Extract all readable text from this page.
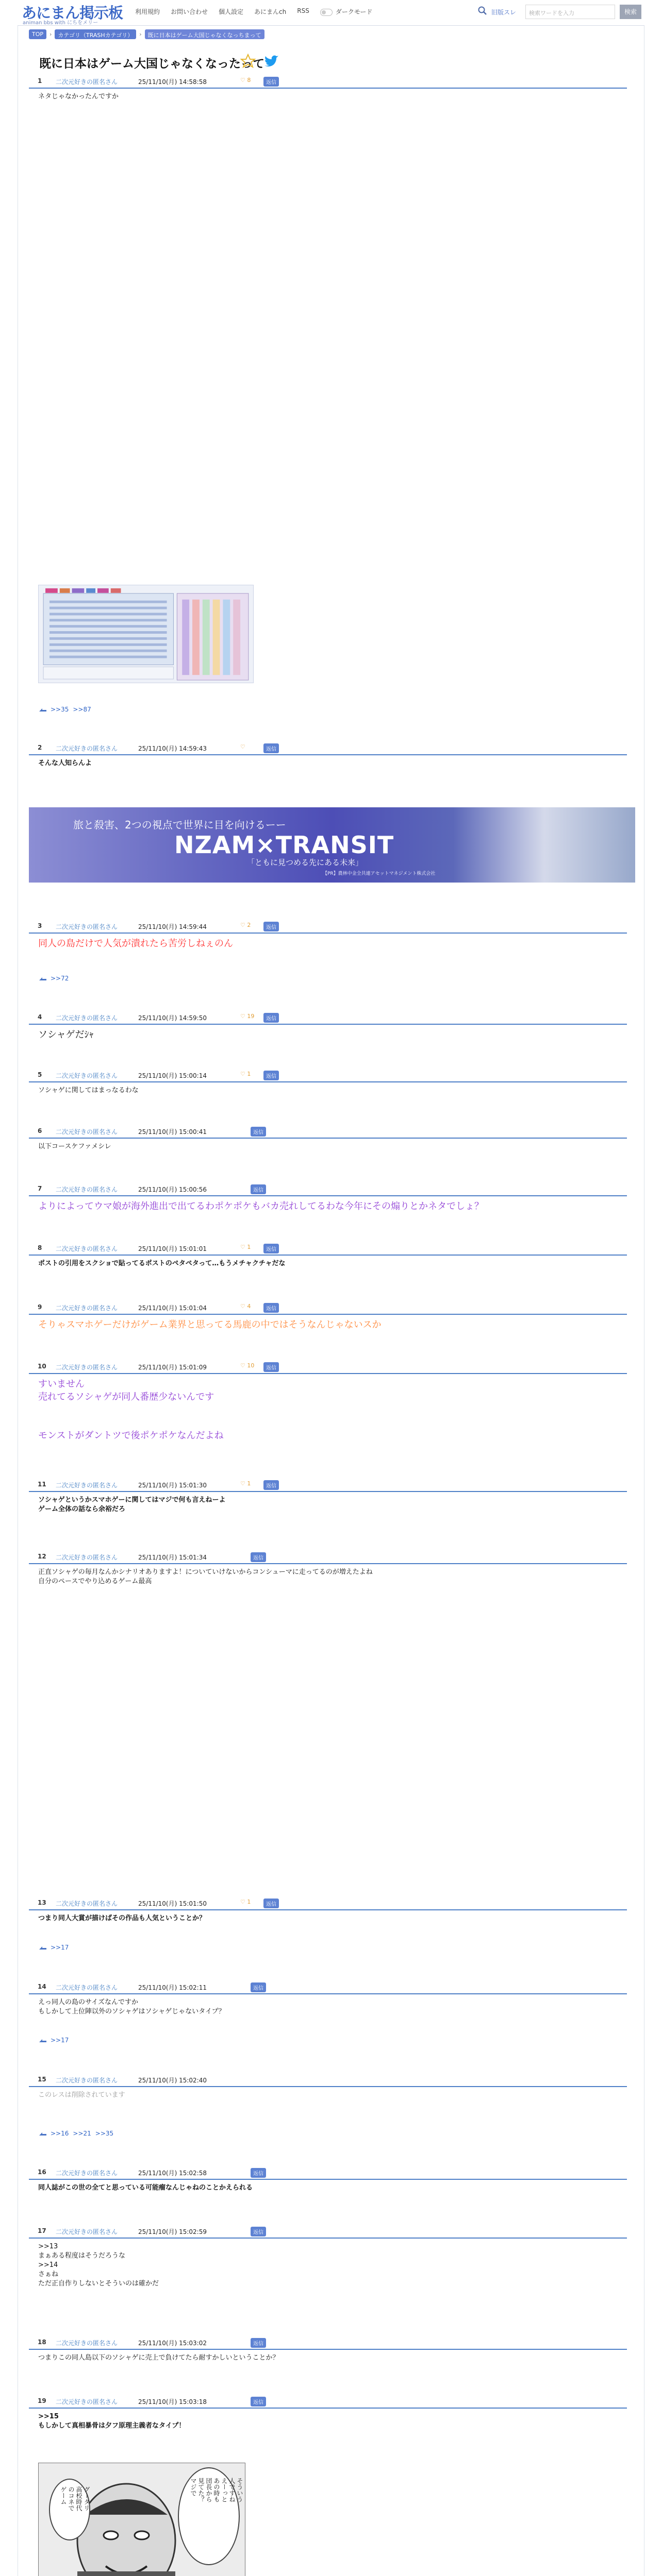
あにまん掲示板
animan bbs with にちをメリー
利用規約 お問い合わせ 個人設定 あにまんch RSS	ダークモード	旧版スレ	検索ワードを入力	検索
TOP	›	カテゴリ（TRASHカテゴリ）	›	既に日本はゲーム大国じゃなくなっちまって
既に日本はゲーム大国じゃなくなったって
1 二次元好きの匿名さん	25/11/10(月) 14:58:58	♡ 8	返信
ネタじゃなかったんですか
>>35 >>87
2 二次元好きの匿名さん	25/11/10(月) 14:59:43	♡	返信
そんな人知らんよ
旅と殺害、2つの視点で世界に目を向けるーー
NZAM×TRANSIT
「ともに見つめる先にある未来」
【PR】農林中金全共連アセットマネジメント株式会社
3 二次元好きの匿名さん	25/11/10(月) 14:59:44	♡ 2	返信
同人の島だけで人気が潰れたら苦労しねぇのん
>>72
4 二次元好きの匿名さん	25/11/10(月) 14:59:50	♡ 19	返信
ソシャゲだｼｬ
5 二次元好きの匿名さん	25/11/10(月) 15:00:14	♡ 1	返信
ソシャゲに関してはまっなるわな
6 二次元好きの匿名さん	25/11/10(月) 15:00:41	返信
以下コースケファメシレ
7 二次元好きの匿名さん	25/11/10(月) 15:00:56	返信
よりによってウマ娘が海外進出で出てるわポケポケもバカ売れしてるわな今年にその煽りとかネタでしょ？
8 二次元好きの匿名さん	25/11/10(月) 15:01:01	♡ 1	返信
ポストの引用をスクショで貼ってるポストのペタペタって…もうメチャクチャだな
9 二次元好きの匿名さん	25/11/10(月) 15:01:04	♡ 4	返信
そりゃスマホゲーだけがゲーム業界と思ってる馬鹿の中ではそうなんじゃないスか
10 二次元好きの匿名さん	25/11/10(月) 15:01:09	♡ 10	返信
すいません
売れてるソシャゲが同人番歴少ないんです

モンストがダントツで後ポケポケなんだよね
11 二次元好きの匿名さん	25/11/10(月) 15:01:30	♡ 1	返信
ソシャゲというかスマホゲーに関してはマジで何も言えねーよ
ゲーム全体の話なら余裕だろ
12 二次元好きの匿名さん	25/11/10(月) 15:01:34	返信
正直ソシャゲの毎月なんかシナリオありますよ！についていけないからコンシューマに走ってるのが増えたよね
自分のペースでやり込めるゲーム最高
13 二次元好きの匿名さん	25/11/10(月) 15:01:50	♡ 1	返信
つまり同人大賞が描けばその作品も人気ということか？
>>17
14 二次元好きの匿名さん	25/11/10(月) 15:02:11	返信
えっ同人の島のサイズなんですか
もしかして上位陣以外のソシャゲはソシャゲじゃないタイプ？
>>17
15 二次元好きの匿名さん	25/11/10(月) 15:02:40
このレスは削除されています
>>16 >>21 >>35
16 二次元好きの匿名さん	25/11/10(月) 15:02:58	返信
同人誌がこの世の全てと思っている可能瘤なんじゃねのことかえられる
17 二次元好きの匿名さん	25/11/10(月) 15:02:59	返信
>>13
まぁある程度はそうだろうな
>>14
さぁね
ただ正自作りしないとそういのは確かだ
18 二次元好きの匿名さん	25/11/10(月) 15:03:02	返信
つまりこの同人島以下のソシャゲに売上で負けてたら耐すかしいということか？
19 二次元好きの匿名さん	25/11/10(月) 15:03:18	返信
>>15
もしかして真相暴骨は夕フ原理主義者なタイプ！
グータリ
高校時代
のコネで
ゲーム	そういう
人ですね
えーっと
あの時も
団長から
見てた？
マジで
